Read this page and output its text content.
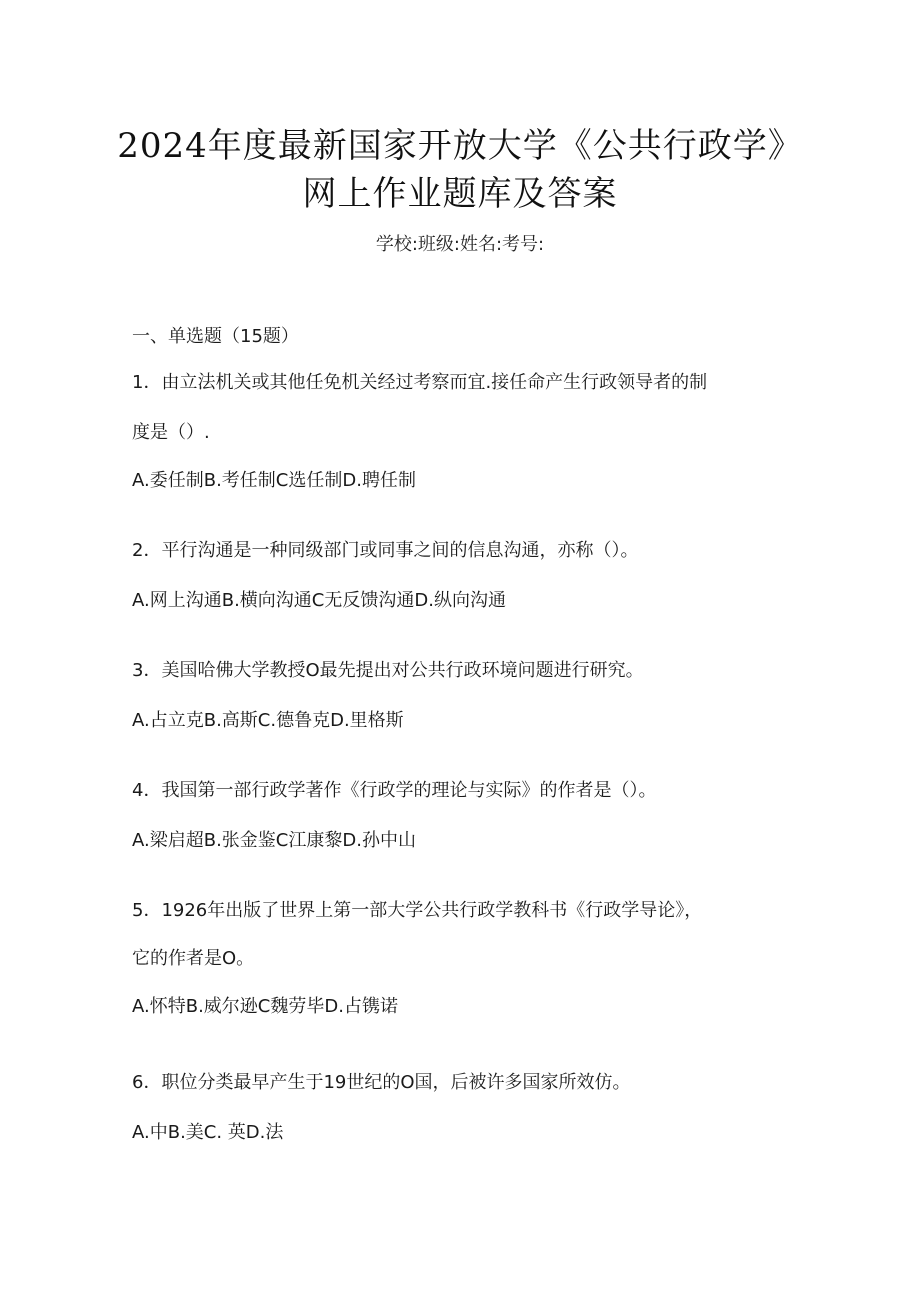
2024年度最新国家开放大学《公共行政学》
网上作业题库及答案
学校:班级:姓名:考号:
一、单选题（15题）
1．由立法机关或其他任免机关经过考察而宜.接任命产生行政领导者的制
度是（）.
A.委任制B.考任制C选任制D.聘任制
2．平行沟通是一种同级部门或同事之间的信息沟通，亦称（）。
A.网上沟通B.横向沟通C无反馈沟通D.纵向沟通
3．美国哈佛大学教授O最先提出对公共行政环境问题进行研究。
A.占立克B.高斯C.德鲁克D.里格斯
4．我国第一部行政学著作《行政学的理论与实际》的作者是（）。
A.梁启超B.张金鉴C江康黎D.孙中山
5．1926年出版了世界上第一部大学公共行政学教科书《行政学导论》，
它的作者是O。
A.怀特B.威尔逊C魏劳毕D.占镌诺
6．职位分类最早产生于19世纪的O国，后被许多国家所效仿。
A.中B.美C. 英D.法
